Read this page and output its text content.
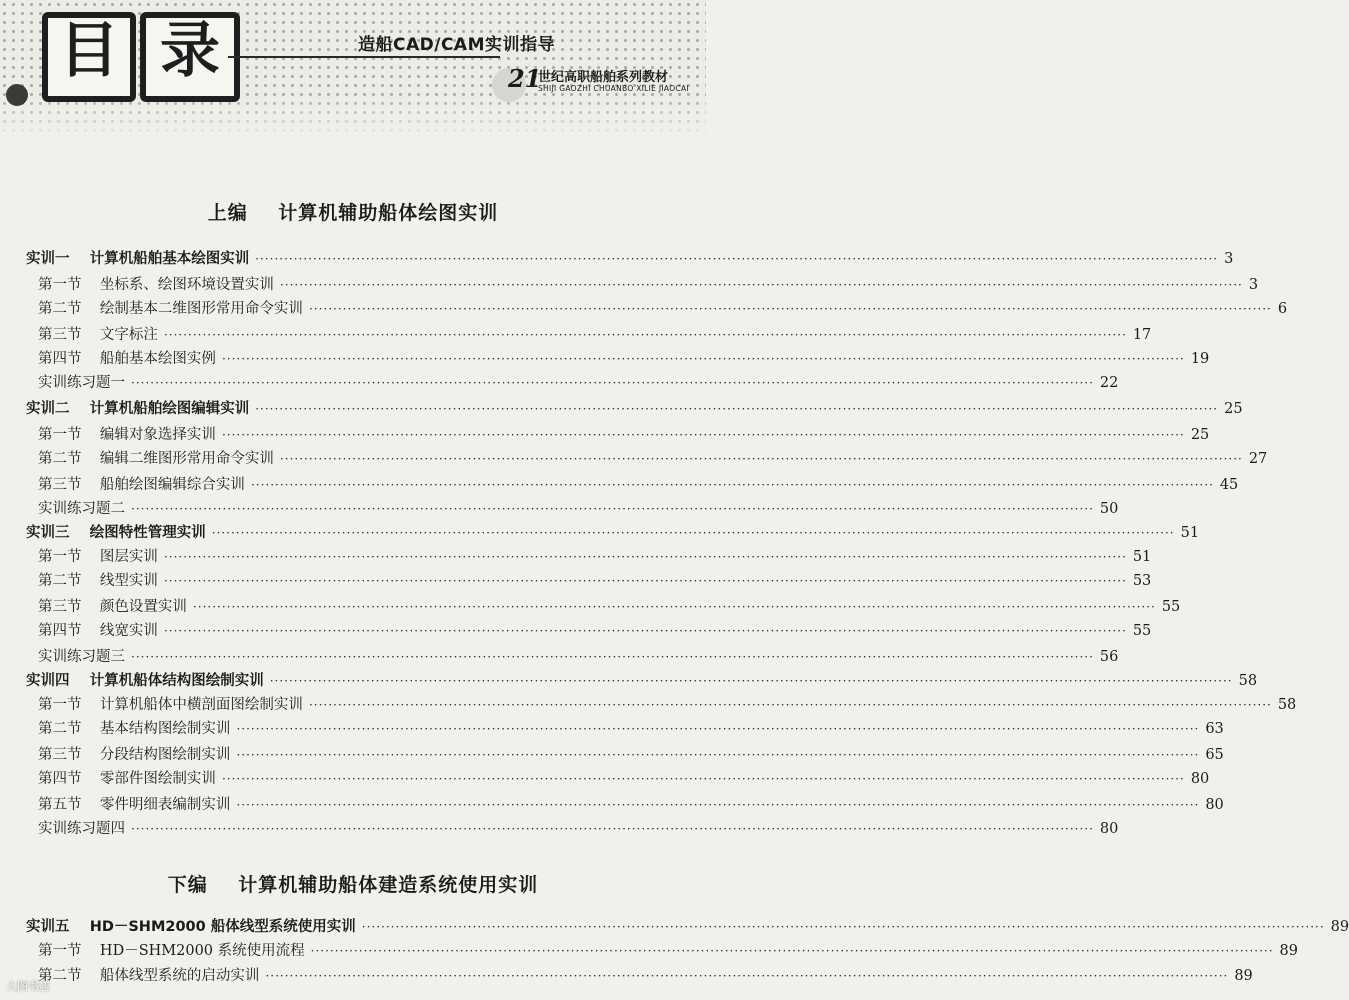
目 录	造船CAD/CAM实训指导
21
世纪高职船舶系列教材
SHIJI GAOZHI CHUANBO XILIE JIAOCAI
上编    计算机辅助船体绘图实训
下编    计算机辅助船体建造系统使用实训
实训一    计算机船舶基本绘图实训 ········································································································································································································ 3
第一节    坐标系、绘图环境设置实训 ········································································································································································································ 3
第二节    绘制基本二维图形常用命令实训 ········································································································································································································ 6
第三节    文字标注 ········································································································································································································ 17
第四节    船舶基本绘图实例 ········································································································································································································ 19
实训练习题一 ········································································································································································································ 22
实训二    计算机船舶绘图编辑实训 ········································································································································································································ 25
第一节    编辑对象选择实训 ········································································································································································································ 25
第二节    编辑二维图形常用命令实训 ········································································································································································································ 27
第三节    船舶绘图编辑综合实训 ········································································································································································································ 45
实训练习题二 ········································································································································································································ 50
实训三    绘图特性管理实训 ········································································································································································································ 51
第一节    图层实训 ········································································································································································································ 51
第二节    线型实训 ········································································································································································································ 53
第三节    颜色设置实训 ········································································································································································································ 55
第四节    线宽实训 ········································································································································································································ 55
实训练习题三 ········································································································································································································ 56
实训四    计算机船体结构图绘制实训 ········································································································································································································ 58
第一节    计算机船体中横剖面图绘制实训 ········································································································································································································ 58
第二节    基本结构图绘制实训 ········································································································································································································ 63
第三节    分段结构图绘制实训 ········································································································································································································ 65
第四节    零部件图绘制实训 ········································································································································································································ 80
第五节    零件明细表编制实训 ········································································································································································································ 80
实训练习题四 ········································································································································································································ 80
实训五    HD－SHM2000 船体线型系统使用实训 ········································································································································································································ 89
第一节    HD－SHM2000 系统使用流程 ········································································································································································································ 89
第二节    船体线型系统的启动实训 ········································································································································································································ 89
大图书店
